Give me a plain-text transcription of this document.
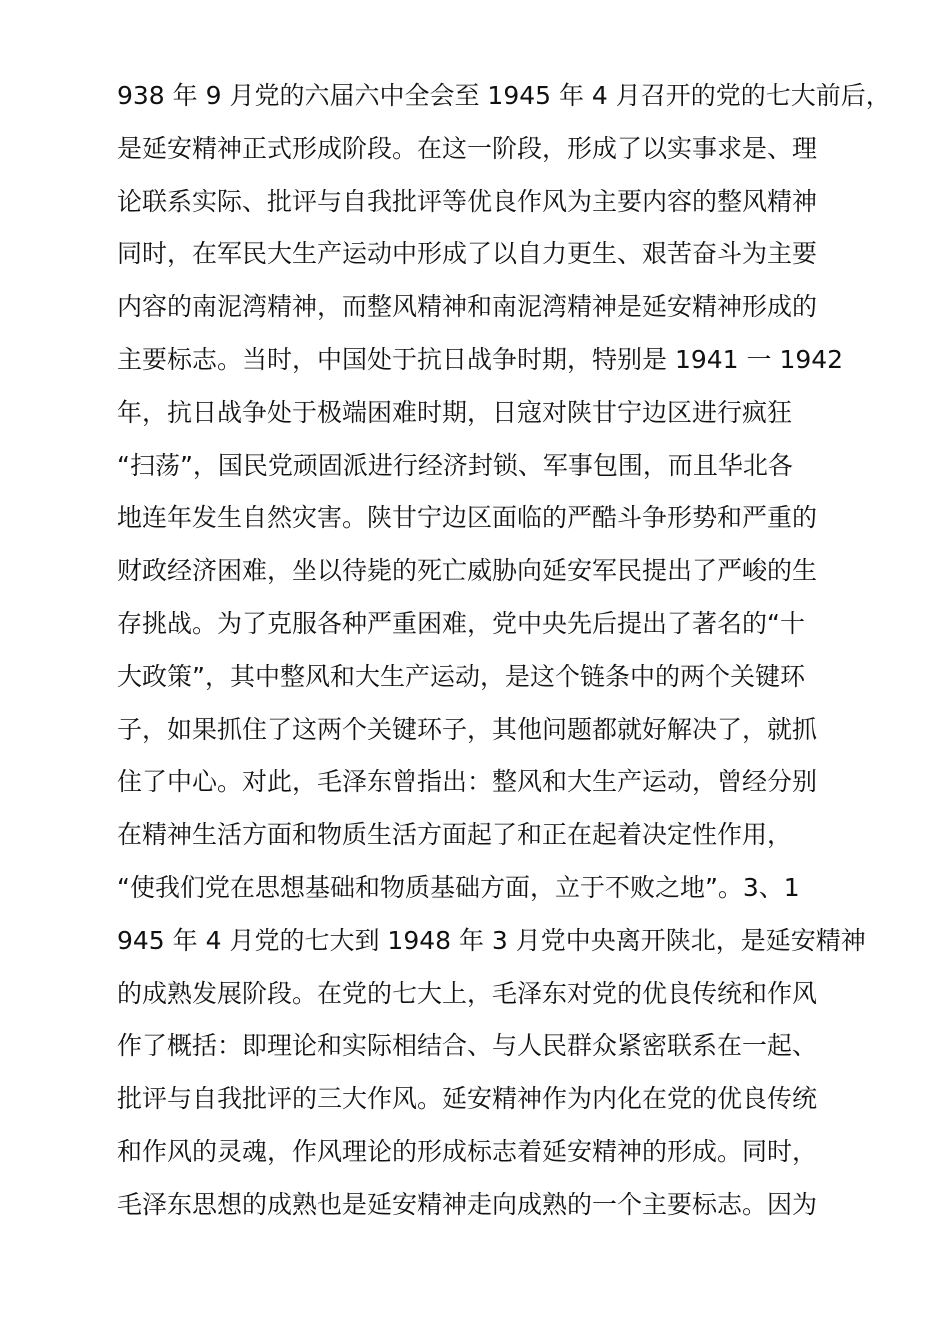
938 年 9 月党的六届六中全会至 1945 年 4 月召开的党的七大前后，
是延安精神正式形成阶段。在这一阶段，形成了以实事求是、理
论联系实际、批评与自我批评等优良作风为主要内容的整风精神
同时，在军民大生产运动中形成了以自力更生、艰苦奋斗为主要
内容的南泥湾精神，而整风精神和南泥湾精神是延安精神形成的
主要标志。当时，中国处于抗日战争时期，特别是 1941 一 1942
年，抗日战争处于极端困难时期，日寇对陕甘宁边区进行疯狂
“扫荡”，国民党顽固派进行经济封锁、军事包围，而且华北各
地连年发生自然灾害。陕甘宁边区面临的严酷斗争形势和严重的
财政经济困难，坐以待毙的死亡威胁向延安军民提出了严峻的生
存挑战。为了克服各种严重困难，党中央先后提出了著名的“十
大政策”，其中整风和大生产运动，是这个链条中的两个关键环
子，如果抓住了这两个关键环子，其他问题都就好解决了，就抓
住了中心。对此，毛泽东曾指出：整风和大生产运动，曾经分别
在精神生活方面和物质生活方面起了和正在起着决定性作用，
“使我们党在思想基础和物质基础方面，立于不败之地”。3、1
945 年 4 月党的七大到 1948 年 3 月党中央离开陕北，是延安精神
的成熟发展阶段。在党的七大上，毛泽东对党的优良传统和作风
作了概括：即理论和实际相结合、与人民群众紧密联系在一起、
批评与自我批评的三大作风。延安精神作为内化在党的优良传统
和作风的灵魂，作风理论的形成标志着延安精神的形成。同时，
毛泽东思想的成熟也是延安精神走向成熟的一个主要标志。因为
